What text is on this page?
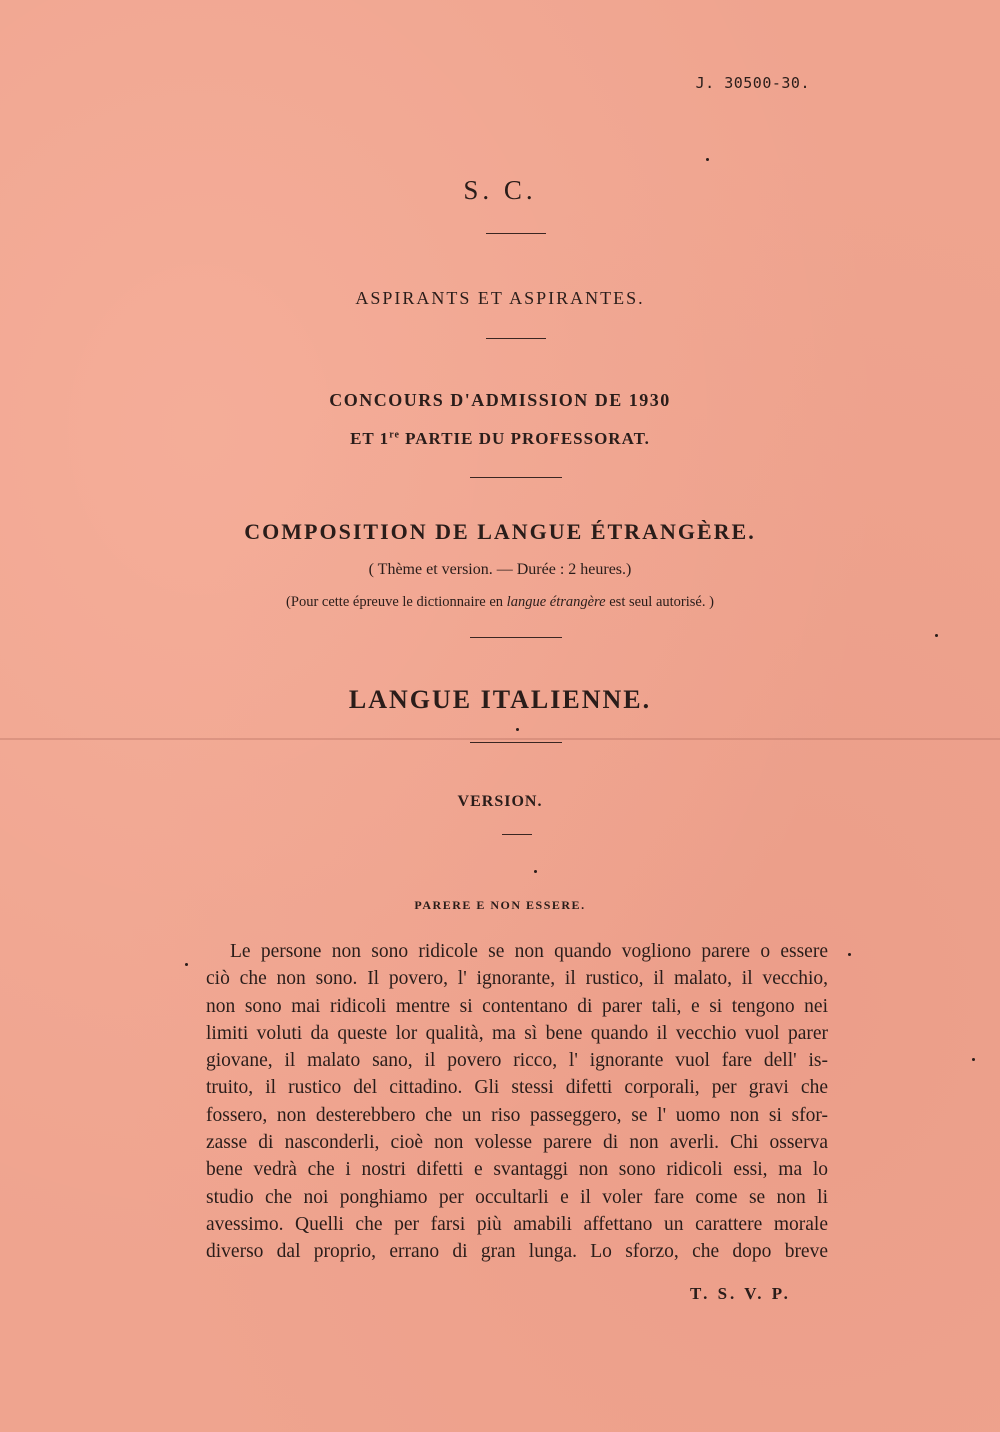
J. 30500-30.
S. C.
ASPIRANTS ET ASPIRANTES.
CONCOURS D'ADMISSION DE 1930
ET 1re PARTIE DU PROFESSORAT.
COMPOSITION DE LANGUE ÉTRANGÈRE.
( Thème et version. — Durée : 2 heures.)
(Pour cette épreuve le dictionnaire en langue étrangère est seul autorisé. )
LANGUE ITALIENNE.
VERSION.
PARERE E NON ESSERE.

Le persone non sono ridicole se non quando vogliono parere o essere

ciò che non sono. Il povero, l' ignorante, il rustico, il malato, il vecchio,

non sono mai ridicoli mentre si contentano di parer tali, e si tengono nei

limiti voluti da queste lor qualità, ma sì bene quando il vecchio vuol parer

giovane, il malato sano, il povero ricco, l' ignorante vuol fare dell' is-

truito, il rustico del cittadino. Gli stessi difetti corporali, per gravi che

fossero, non desterebbero che un riso passeggero, se l' uomo non si sfor-

zasse di nasconderli, cioè non volesse parere di non averli. Chi osserva

bene vedrà che i nostri difetti e svantaggi non sono ridicoli essi, ma lo

studio che noi ponghiamo per occultarli e il voler fare come se non li

avessimo. Quelli che per farsi più amabili affettano un carattere morale

diverso dal proprio, errano di gran lunga. Lo sforzo, che dopo breve

T. S. V. P.
